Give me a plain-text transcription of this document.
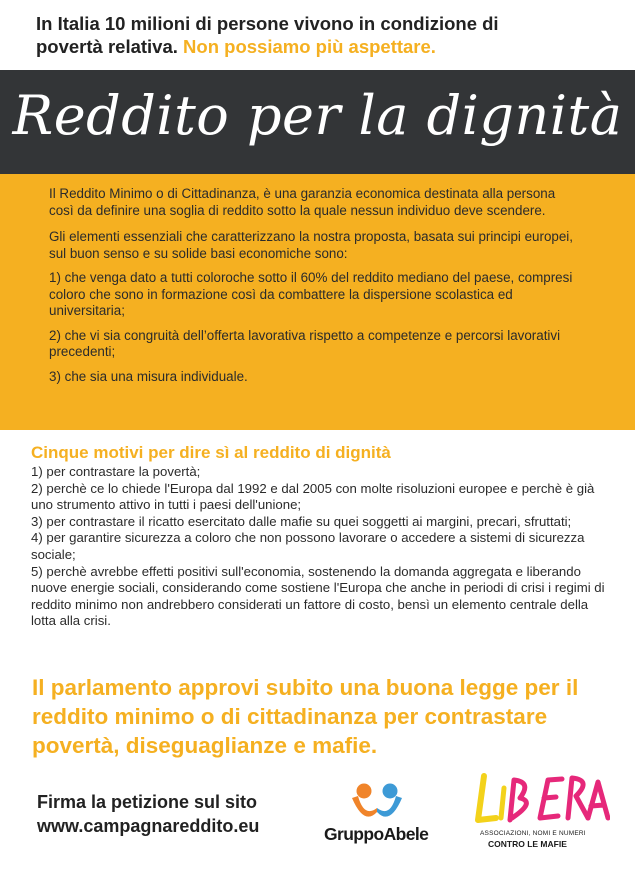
In Italia 10 milioni di persone vivono in condizione di
povertà relativa. Non possiamo più aspettare.
Reddito per la dignità

Il Reddito Minimo o di Cittadinanza, è una garanzia economica destinata alla persona così da definire una soglia di reddito sotto la quale nessun individuo deve scendere.

Gli elementi essenziali che caratterizzano la nostra proposta, basata sui principi europei, sul buon senso e su solide basi economiche sono:

1) che venga dato a tutti coloroche sotto il 60% del reddito mediano del paese, compresi coloro che sono in formazione così da combattere la dispersione scolastica ed universitaria;

2) che vi sia congruità dell’offerta lavorativa rispetto a competenze e percorsi lavorativi precedenti;

3) che sia una misura individuale.

Cinque motivi per dire sì al reddito di dignità
1) per contrastare la povertà;
2) perchè ce lo chiede l'Europa dal 1992 e dal 2005 con molte risoluzioni europee e perchè è già uno strumento attivo in tutti i paesi dell'unione;
3) per contrastare il ricatto esercitato dalle mafie su quei soggetti ai margini, precari, sfruttati;
4) per garantire sicurezza a coloro che non possono lavorare o accedere a sistemi di sicurezza sociale;
5) perchè avrebbe effetti positivi sull'economia, sostenendo la domanda aggregata e liberando nuove energie sociali, considerando come sostiene l'Europa che anche in periodi di crisi i regimi di reddito minimo non andrebbero considerati un fattore di costo, bensì un elemento centrale della lotta alla crisi.
Il parlamento approvi subito una buona legge per il reddito minimo o di cittadinanza per contrastare povertà, diseguaglianze e mafie.
Firma la petizione sul sito
www.campagnareddito.eu	GruppoAbele	ASSOCIAZIONI, NOMI E NUMERI
CONTRO LE MAFIE
